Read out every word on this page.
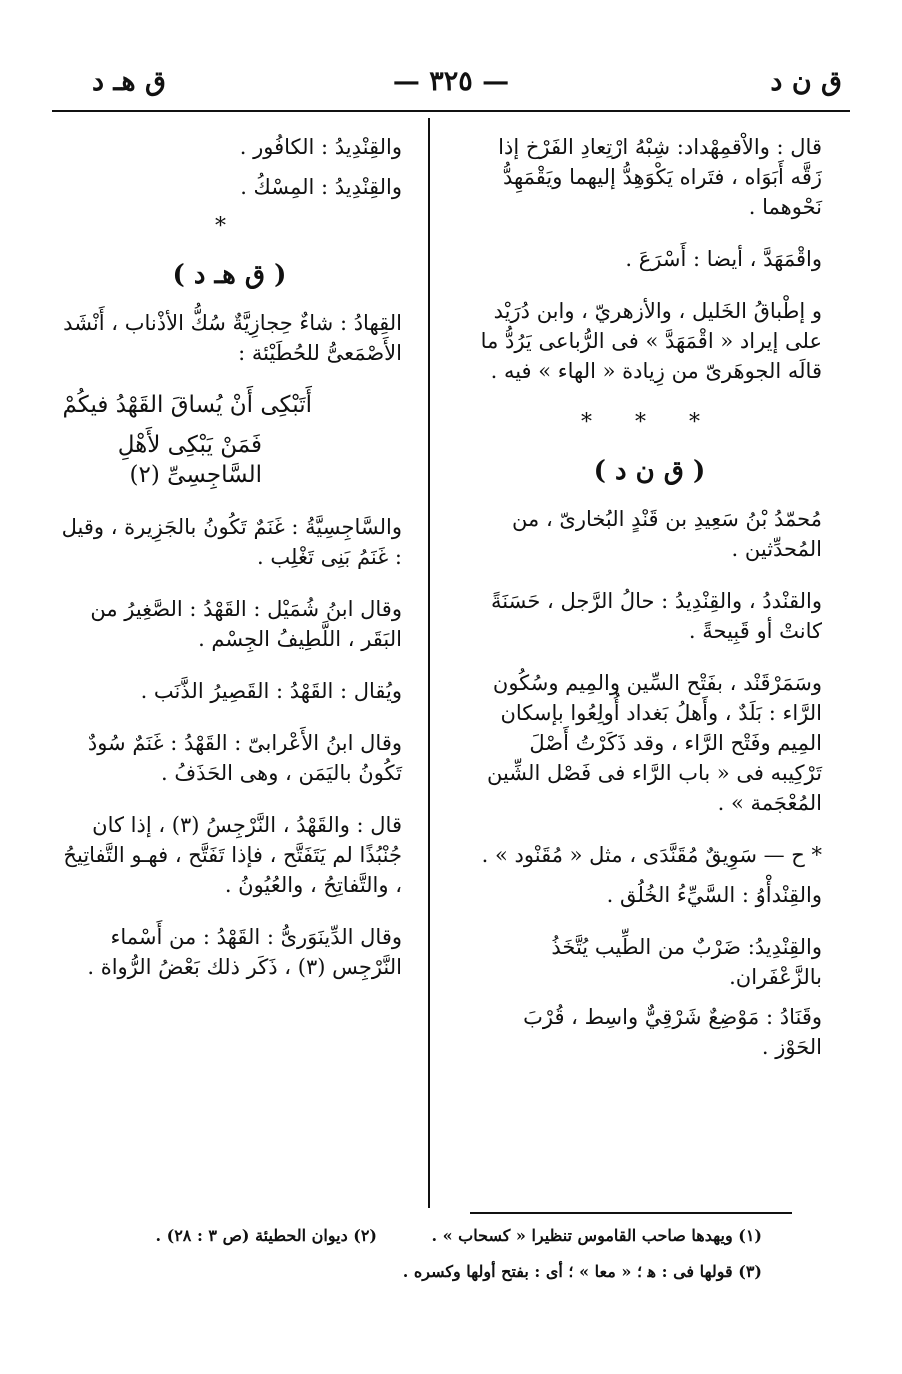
ق ن د
— ٣٢٥ —
ق هـ د

قال : والاْقمِهْداد: شِبْهُ ارْتِعادِ الفَرْخ إذا زَقَّه أَبَوَاه ، فتَراه يَكْوَهِدُّ إليهما ويَقْمَهِدُّ نَحْوهما .

واقْمَهَدَّ ، أيضا : أَسْرَعَ .

و إطْباقُ الخَليل ، والأزهريّ ، وابن دُرَيْد على إيراد « اقْمَهَدَّ » فى الرُّباعى يَرُدُّ ما قالَه الجوهَرىّ من زِيادة « الهاء » فيه .

* * *
( ق ن د )

مُحمّدُ بْنُ سَعِيدِ بن قَنْدٍ البُخارىّ ، من المُحدِّثين .

والقنْددُ ، والقِنْدِيدُ : حالُ الرَّجل ، حَسَنَةً كانتْ أو قَبِيحةً .

وسَمَرْقَنْد ، بفَتْح السِّين والمِيم وسُكُون الرَّاء : بَلَدٌ ، وأَهلُ بَغداد أُولِعُوا بإسكان المِيم وفَتْح الرَّاء ، وقد ذَكَرْتُ أَصْلَ تَرْكِيبه فى « باب الرَّاء فى فَصْل الشِّين المُعْجَمة » .

* ح — سَوِيقٌ مُقَنَّدَى ، مثل « مُقَنْود » .

والقِنْدأْوُ : السَّيِّءُ الخُلُق .

والقِنْدِيدُ: ضَرْبٌ من الطِّيب يُتَّخَذُ بالزَّعْفَران.

وقَنَادُ : مَوْضِعٌ شَرْقِيٌّ واسِط ، قُرْبَ الحَوْز .

والقِنْدِيدُ : الكافُور .

والقِنْدِيدُ : المِسْكُ .

*
( ق هـ د )

القِهادُ : شاءٌ حِجازِيَّةٌ سُكُّ الأذْناب ، أَنْشَد الأَصْمَعىُّ للحُطَيْئة :

أَتَبْكِى أَنْ يُساقَ القَهْدُ فيكُمْ

فَمَنْ يَبْكِى لأَهْلِ السَّاجِسِىِّ (٢)

والسَّاجِسِيَّةُ : غَنَمٌ تَكُونُ بالجَزِيرة ، وقيل : غَنَمُ بَنِى تَغْلِب .

وقال ابنُ شُمَيْل : القَهْدُ : الصَّغِيرُ من البَقَر ، اللَّطِيفُ الجِسْم .

ويُقال : القَهْدُ : القَصِيرُ الذَّنَب .

وقال ابنُ الأَعْرابىّ : القَهْدُ : غَنَمٌ سُودٌ تَكُونُ باليَمَن ، وهى الحَذَفُ .

قال : والقَهْدُ ، النَّرْجِسُ (٣) ، إذا كان جُنْبُذًا لم يَتَفَتَّح ، فإذا تَفَتَّح ، فهـو التَّفاتِيحُ ، والتَّفاتِحُ ، والعُيُونُ .

وقال الدِّينَوَرىُّ : القَهْدُ : من أَسْماء النَّرْجِس (٣) ، ذَكَر ذلك بَعْضُ الرُّواة .

(١) ويهدها صاحب القاموس تنظيرا « كسحاب » .
(٢) ديوان الحطيئة (ص ٣ : ٢٨) .
(٣) قولها فى : ﻫ ؛ « معا » ؛ أى : بفتح أولها وكسره .
